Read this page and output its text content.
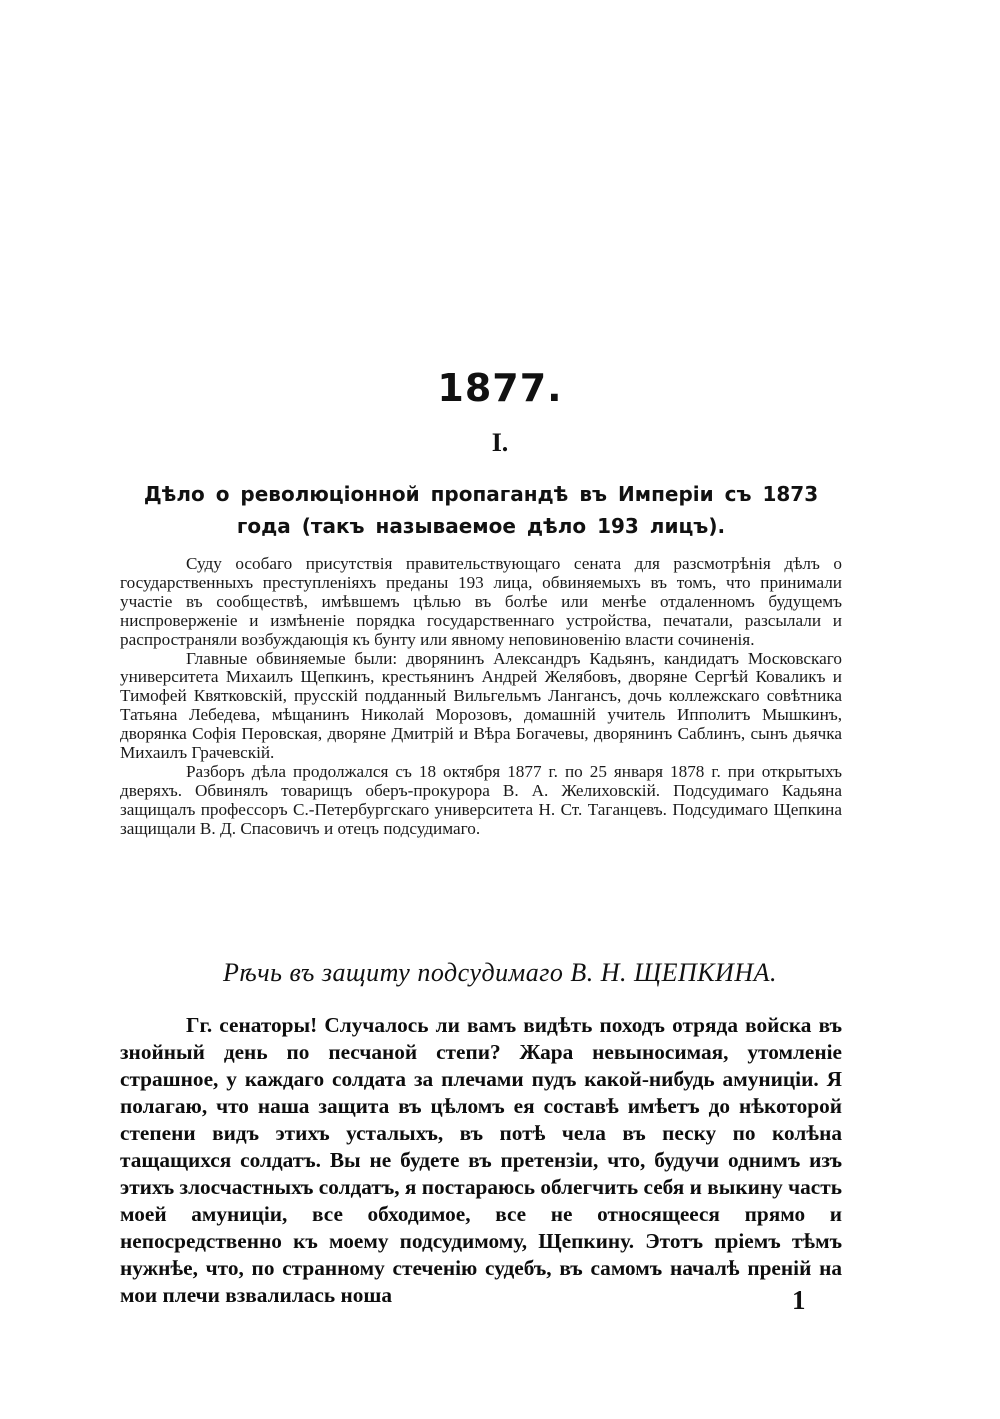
1877.
I.
Дѣло о революціонной пропагандѣ въ Имперіи съ 1873 года (такъ называемое дѣло 193 лицъ).

Суду особаго присутствія правительствующаго сената для разсмотрѣнія дѣлъ о государственныхъ преступленіяхъ преданы 193 лица, обвиняемыхъ въ томъ, что принимали участіе въ сообществѣ, имѣвшемъ цѣлью въ болѣе или менѣе отдаленномъ будущемъ ниспроверженіе и измѣненіе порядка государственнаго устройства, печатали, разсылали и распространяли возбуждающія къ бунту или явному неповиновенію власти сочиненія.

Главные обвиняемые были: дворянинъ Александръ Кадьянъ, кандидатъ Московскаго университета Михаилъ Щепкинъ, крестьянинъ Андрей Желябовъ, дворяне Сергѣй Коваликъ и Тимофей Квятковскій, прусскій подданный Вильгельмъ Лангансъ, дочь коллежскаго совѣтника Татьяна Лебедева, мѣщанинъ Николай Морозовъ, домашній учитель Ипполитъ Мышкинъ, дворянка Софія Перовская, дворяне Дмитрій и Вѣра Богачевы, дворянинъ Саблинъ, сынъ дьячка Михаилъ Грачевскій.

Разборъ дѣла продолжался съ 18 октября 1877 г. по 25 января 1878 г. при открытыхъ дверяхъ. Обвинялъ товарищъ оберъ-прокурора В. А. Желиховскій. Подсудимаго Кадьяна защищалъ профессоръ С.-Петербургскаго университета Н. Ст. Таганцевъ. Подсудимаго Щепкина защищали В. Д. Спасовичъ и отецъ подсудимаго.

Рѣчь въ защиту подсудимаго В. Н. ЩЕПКИНА.

Гг. сенаторы! Случалось ли вамъ видѣть походъ отряда войска въ знойный день по песчаной степи? Жара невыносимая, утомленіе страшное, у каждаго солдата за плечами пудъ какой-нибудь амуниціи. Я полагаю, что наша защита въ цѣломъ ея составѣ имѣетъ до нѣкоторой степени видъ этихъ усталыхъ, въ потѣ чела въ песку по колѣна тащащихся солдатъ. Вы не будете въ претензіи, что, будучи однимъ изъ этихъ злосчастныхъ солдатъ, я постараюсь облегчить себя и выкину часть моей амуниціи, все обходимое, все не относящееся прямо и непосредственно къ моему подсудимому, Щепкину. Этотъ пріемъ тѣмъ нужнѣе, что, по странному стеченію судебъ, въ самомъ началѣ преній на мои плечи взвалилась ноша	1
